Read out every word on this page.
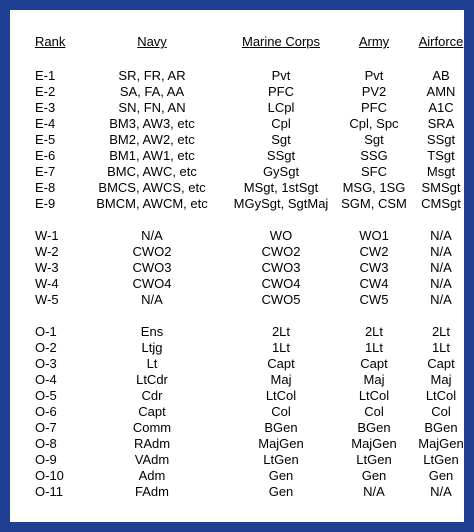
Rank	Navy	Marine Corps	Army	Airforce

E-1	SR, FR, AR	Pvt	Pvt	AB
E-2	SA, FA, AA	PFC	PV2	AMN
E-3	SN, FN, AN	LCpl	PFC	A1C
E-4	BM3, AW3, etc	Cpl	Cpl, Spc	SRA
E-5	BM2, AW2, etc	Sgt	Sgt	SSgt
E-6	BM1, AW1, etc	SSgt	SSG	TSgt
E-7	BMC, AWC, etc	GySgt	SFC	Msgt
E-8	BMCS, AWCS, etc	MSgt, 1stSgt	MSG, 1SG	SMSgt
E-9	BMCM, AWCM, etc	MGySgt, SgtMaj	SGM, CSM	CMSgt

W-1	N/A	WO	WO1	N/A
W-2	CWO2	CWO2	CW2	N/A
W-3	CWO3	CWO3	CW3	N/A
W-4	CWO4	CWO4	CW4	N/A
W-5	N/A	CWO5	CW5	N/A

O-1	Ens	2Lt	2Lt	2Lt
O-2	Ltjg	1Lt	1Lt	1Lt
O-3	Lt	Capt	Capt	Capt
O-4	LtCdr	Maj	Maj	Maj
O-5	Cdr	LtCol	LtCol	LtCol
O-6	Capt	Col	Col	Col
O-7	Comm	BGen	BGen	BGen
O-8	RAdm	MajGen	MajGen	MajGen
O-9	VAdm	LtGen	LtGen	LtGen
O-10	Adm	Gen	Gen	Gen
O-11	FAdm	Gen	N/A	N/A
